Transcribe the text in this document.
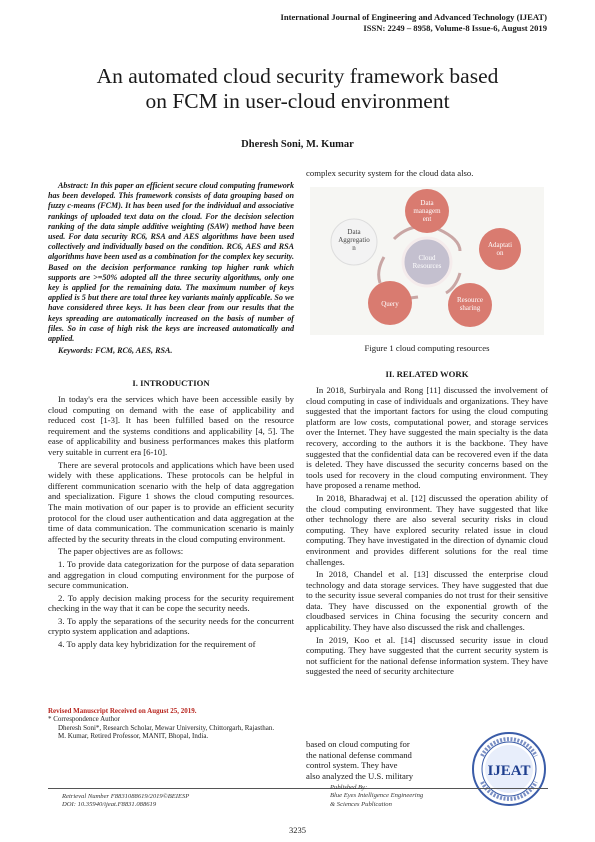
International Journal of Engineering and Advanced Technology (IJEAT)
ISSN: 2249 – 8958, Volume-8 Issue-6, August 2019
An automated cloud security framework based
on FCM in user-cloud environment
Dheresh Soni, M. Kumar

Abstract: In this paper an efficient secure cloud computing framework has been developed. This framework consists of data grouping based on fuzzy c-means (FCM). It has been used for the individual and associative rankings of uploaded text data on the cloud. For the decision selection ranking of the data simple additive weighting (SAW) method have been used. For data security RC6, RSA and AES algorithms have been used collectively and individually based on the condition. RC6, AES and RSA algorithms have been used as a combination for the complex key security. Based on the decision performance ranking top higher rank which supports are >=50% adopted all the three security algorithms, only one key is applied for the remaining data. The maximum number of keys applied is 5 but there are total three key variants mainly applicable. So we have considered three keys. It has been clear from our results that the keys spreading are automatically increased on the basis of number of files. So in case of high risk the keys are increased automatically and applied.

Keywords: FCM, RC6, AES, RSA.

I. INTRODUCTION

In today's era the services which have been accessible easily by cloud computing on demand with the ease of applicability and reduced cost [1-3]. It has been fulfilled based on the resource requirement and the systems conditions and applicability [4, 5]. The ease of applicability and business performances makes this platform very suitable in current era [6-10].

There are several protocols and applications which have been used widely with these applications. These protocols can be helpful in different communication scenario with the help of data aggregation and specialization. Figure 1 shows the cloud computing resources. The main motivation of our paper is to provide an efficient security protocol for the cloud user authentication and data aggregation at the time of data communication. The communication scenario is mainly affected by the security threats in the cloud computing environment.

The paper objectives are as follows:

1. To provide data categorization for the purpose of data separation and aggregation in cloud computing environment for the purpose of secure communication.

2. To apply decision making process for the security requirement checking in the way that it can be cope the security needs.

3. To apply the separations of the security needs for the concurrent crypto system application and adaptions.

4. To apply data key hybridization for the requirement of

complex security system for the cloud data also.
Cloud Resources
Data managem ent
Adaptati on
Resource sharing
Query
Data Aggregatio n
Figure 1 cloud computing resources
II. RELATED WORK

In 2018, Surbiryala and Rong [11] discussed the involvement of cloud computing in case of individuals and organizations. They have suggested that the important factors for using the cloud computing platform are low costs, computational power, and storage services over the Internet. They have suggested the main specialty is the data recovery, according to the authors it is the backbone. They have suggested that the confidential data can be recovered even if the data is deleted. They have discussed the security concerns based on the tools used for recovery in the cloud computing environment. They have proposed a rename method.

In 2018, Bharadwaj et al. [12] discussed the operation ability of the cloud computing environment. They have suggested that like other technology there are also several security risks in cloud computing. They have explored security related issue in cloud computing. They have investigated in the direction of dynamic cloud environment and provides different solutions for the real time challenges.

In 2018, Chandel et al. [13] discussed the enterprise cloud technology and data storage services. They have suggested that due to the security issue several companies do not trust for their sensitive data. They have discussed on the exponential growth of the cloudbased services in China focusing the security concern and applicability. They have also discussed the risk and challenges.

In 2019, Koo et al. [14] discussed security issue in cloud computing. They have suggested that the current security system is not sufficient for the national defense information system. They have suggested the need of security architecture

based on cloud computing for
the national defense command
control system. They have
also analyzed the U.S. military	IJEAT
Revised Manuscript Received on August 25, 2019.
* Correspondence Author
Dheresh Soni*, Research Scholar, Mewar University, Chittorgarh, Rajasthan.
M. Kumar, Retired Professor, MANIT, Bhopal, India.
Retrieval Number F8831088619/2019©BEIESP
DOI: 10.35940/ijeat.F8831.088619
Published By:
Blue Eyes Intelligence Engineering
& Sciences Publication
3235
